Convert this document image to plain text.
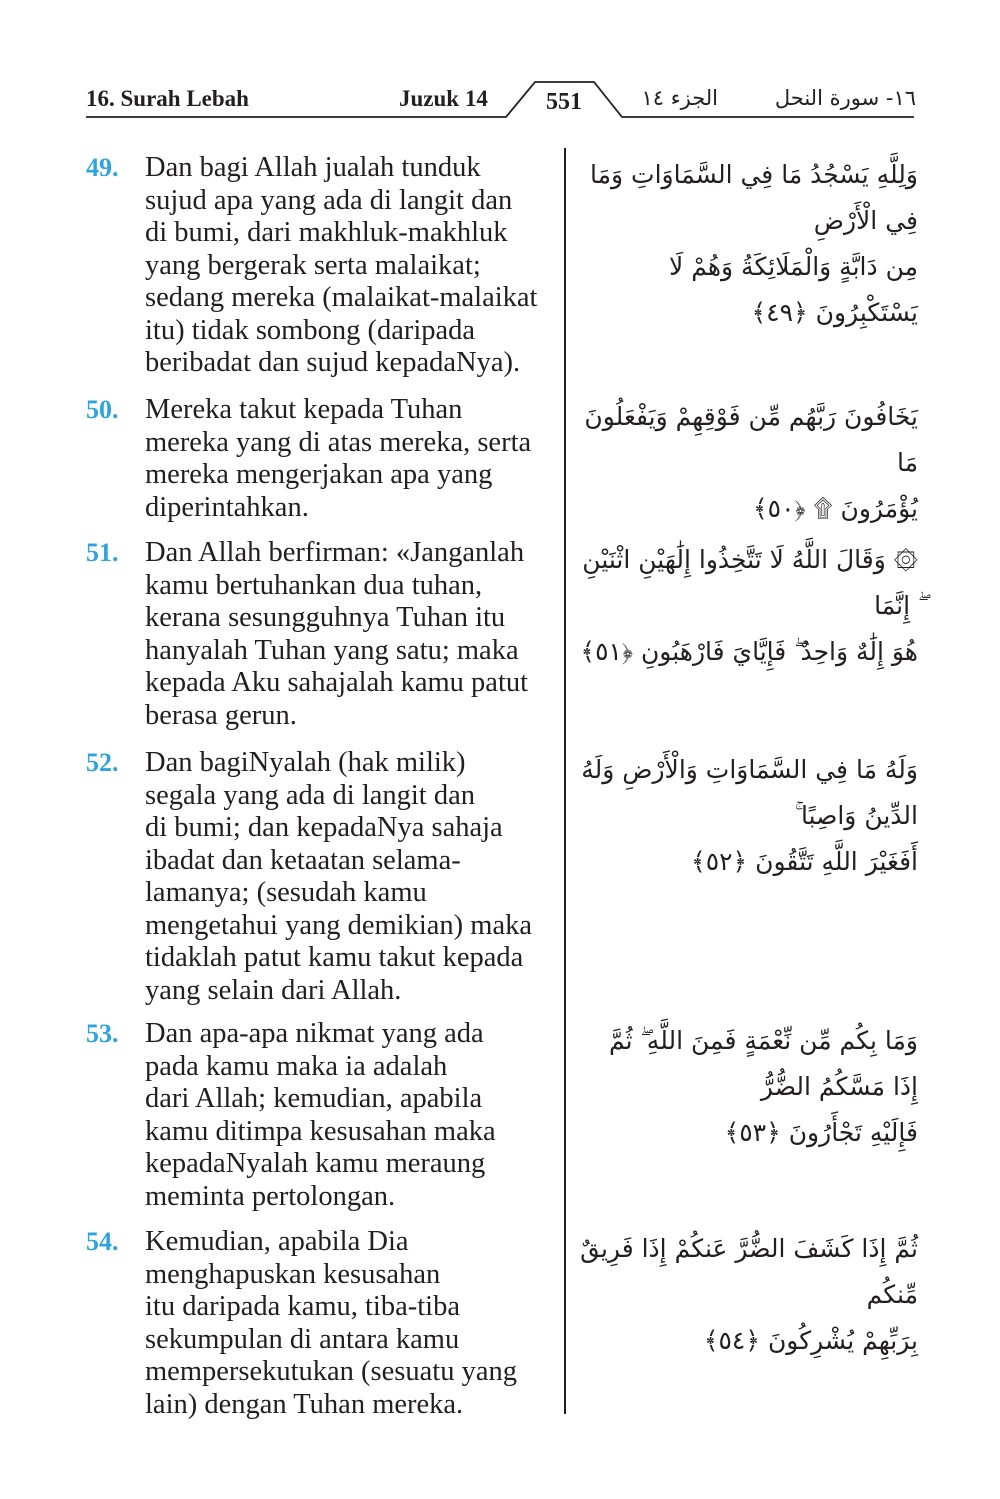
16. Surah Lebah	Juzuk 14	551	الجزء ١٤	١٦- سورة النحل
49. Dan bagi Allah jualah tunduk
sujud apa yang ada di langit dan
di bumi, dari makhluk-makhluk
yang bergerak serta malaikat;
sedang mereka (malaikat-malaikat
itu) tidak sombong (daripada
beribadat dan sujud kepadaNya).
وَلِلَّهِ يَسْجُدُ مَا فِي السَّمَاوَاتِ وَمَا فِي الْأَرْضِ
مِن دَابَّةٍ وَالْمَلَائِكَةُ وَهُمْ لَا يَسْتَكْبِرُونَ ﴿٤٩﴾
50. Mereka takut kepada Tuhan
mereka yang di atas mereka, serta
mereka mengerjakan apa yang
diperintahkan.
يَخَافُونَ رَبَّهُم مِّن فَوْقِهِمْ وَيَفْعَلُونَ مَا
يُؤْمَرُونَ ۩ ﴿٥٠﴾
51. Dan Allah berfirman: «Janganlah
kamu bertuhankan dua tuhan,
kerana sesungguhnya Tuhan itu
hanyalah Tuhan yang satu; maka
kepada Aku sahajalah kamu patut
berasa gerun.
۞ وَقَالَ اللَّهُ لَا تَتَّخِذُوا إِلَٰهَيْنِ اثْنَيْنِ ۖ إِنَّمَا
هُوَ إِلَٰهٌ وَاحِدٌ ۖ فَإِيَّايَ فَارْهَبُونِ ﴿٥١﴾
52. Dan bagiNyalah (hak milik)
segala yang ada di langit dan
di bumi; dan kepadaNya sahaja
ibadat dan ketaatan selama-
lamanya; (sesudah kamu
mengetahui yang demikian) maka
tidaklah patut kamu takut kepada
yang selain dari Allah.
وَلَهُ مَا فِي السَّمَاوَاتِ وَالْأَرْضِ وَلَهُ الدِّينُ وَاصِبًا ۚ
أَفَغَيْرَ اللَّهِ تَتَّقُونَ ﴿٥٢﴾
53. Dan apa-apa nikmat yang ada
pada kamu maka ia adalah
dari Allah; kemudian, apabila
kamu ditimpa kesusahan maka
kepadaNyalah kamu meraung
meminta pertolongan.
وَمَا بِكُم مِّن نِّعْمَةٍ فَمِنَ اللَّهِ ۖ ثُمَّ إِذَا مَسَّكُمُ الضُّرُّ
فَإِلَيْهِ تَجْأَرُونَ ﴿٥٣﴾
54. Kemudian, apabila Dia
menghapuskan kesusahan
itu daripada kamu, tiba-tiba
sekumpulan di antara kamu
mempersekutukan (sesuatu yang
lain) dengan Tuhan mereka.
ثُمَّ إِذَا كَشَفَ الضُّرَّ عَنكُمْ إِذَا فَرِيقٌ مِّنكُم
بِرَبِّهِمْ يُشْرِكُونَ ﴿٥٤﴾
